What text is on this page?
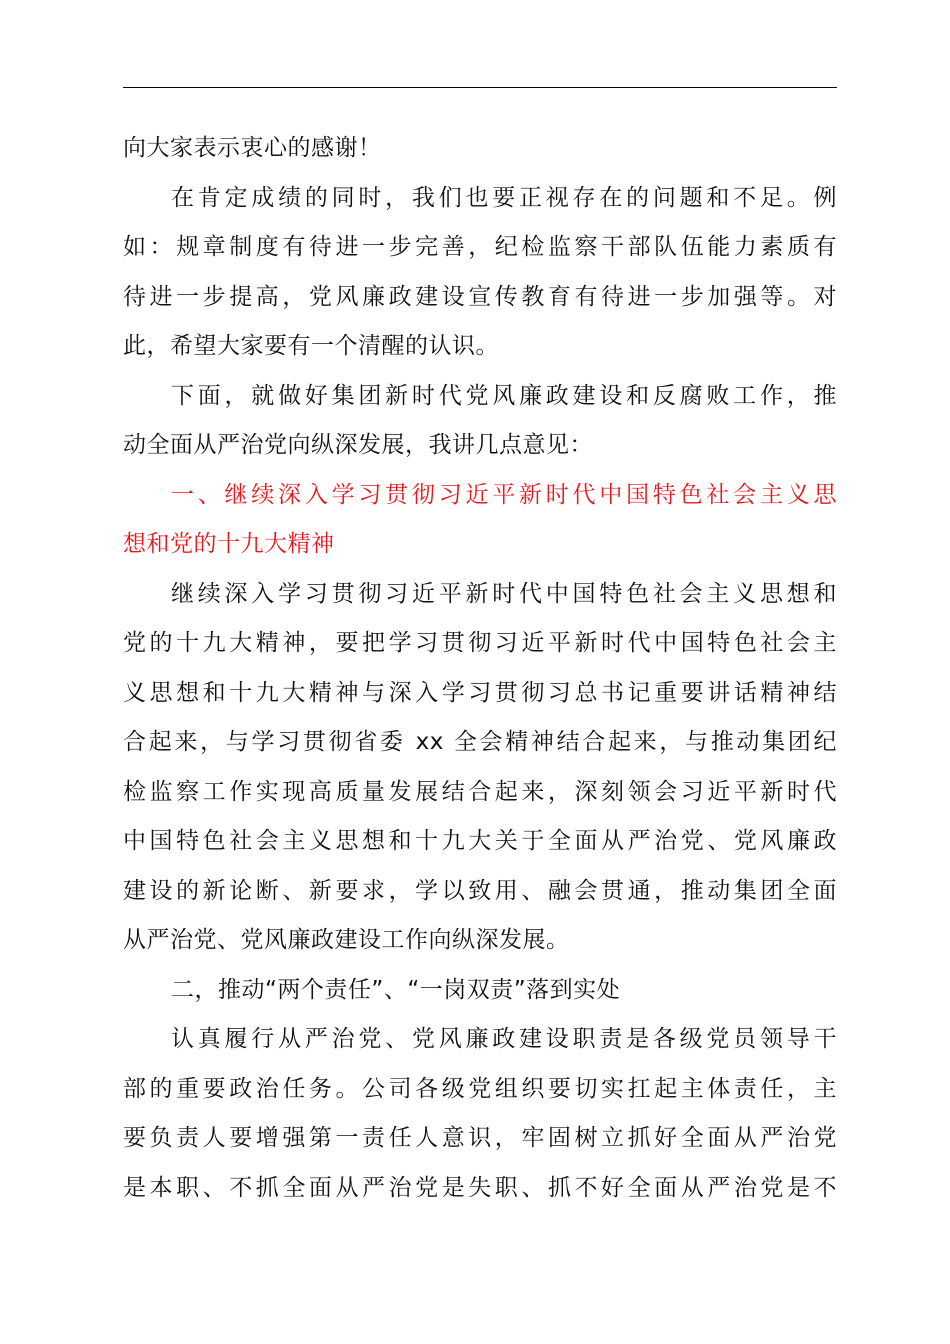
向大家表示衷心的感谢！
在肯定成绩的同时，我们也要正视存在的问题和不足。例
如：规章制度有待进一步完善，纪检监察干部队伍能力素质有
待进一步提高，党风廉政建设宣传教育有待进一步加强等。对
此，希望大家要有一个清醒的认识。
下面，就做好集团新时代党风廉政建设和反腐败工作，推
动全面从严治党向纵深发展，我讲几点意见：
一、继续深入学习贯彻习近平新时代中国特色社会主义思
想和党的十九大精神
继续深入学习贯彻习近平新时代中国特色社会主义思想和
党的十九大精神，要把学习贯彻习近平新时代中国特色社会主
义思想和十九大精神与深入学习贯彻习总书记重要讲话精神结
合起来，与学习贯彻省委 xx 全会精神结合起来，与推动集团纪
检监察工作实现高质量发展结合起来，深刻领会习近平新时代
中国特色社会主义思想和十九大关于全面从严治党、党风廉政
建设的新论断、新要求，学以致用、融会贯通，推动集团全面
从严治党、党风廉政建设工作向纵深发展。
二，推动“两个责任”、“一岗双责”落到实处
认真履行从严治党、党风廉政建设职责是各级党员领导干
部的重要政治任务。公司各级党组织要切实扛起主体责任，主
要负责人要增强第一责任人意识，牢固树立抓好全面从严治党
是本职、不抓全面从严治党是失职、抓不好全面从严治党是不
